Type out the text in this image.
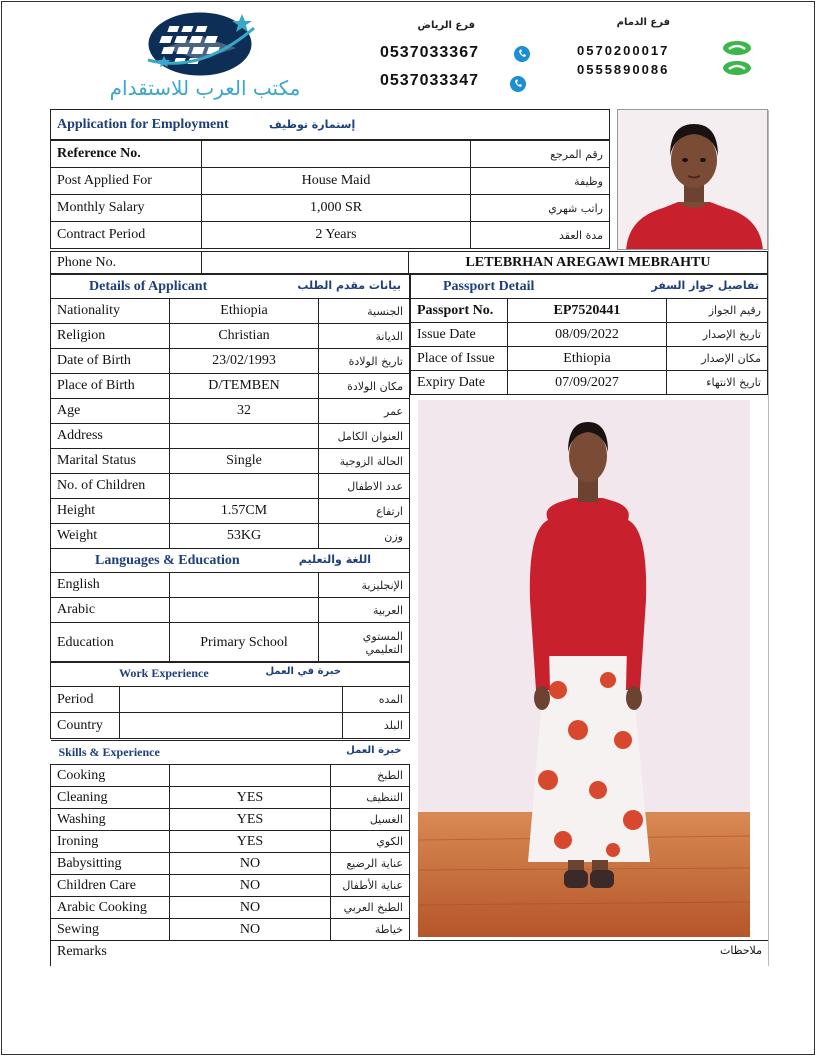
مكتب العرب للاستقدام
فرع الرياض
0537033367
0537033347
فرع الدمام
0570200017
0555890086
Application for Employment	إستمارة توظيف
Reference No.		رقم المرجع
Post Applied For	House Maid	وظيفة
Monthly Salary	1,000 SR	راتب شهري
Contract Period	2 Years	مدة العقد
Phone No.		LETEBRHAN AREGAWI MEBRAHTU
Details of Applicant بيانات مقدم الطلب		

Nationality	Ethiopia	الجنسية
Religion	Christian	الديانة
Date of Birth	23/02/1993	تاريخ الولادة
Place of Birth	D/TEMBEN	مكان الولادة
Age	32	عمر
Address		العنوان الكامل
Marital Status	Single	الحالة الزوجية
No. of Children		عدد الاطفال
Height	1.57CM	ارتفاع
Weight	53KG	وزن
Languages & Education اللغة والتعليم		

English		الإنجليزية
Arabic		العربية
Education	Primary School	المستوي التعليمي
Work Experience خبرة في العمل		

Period		المده
Country		البلد
Skills & Experience خبرة العمل		

Cooking		الطبخ
Cleaning	YES	التنظيف
Washing	YES	الغسيل
Ironing	YES	الكوي
Babysitting	NO	عناية الرضيع
Children Care	NO	عناية الأطفال
Arabic Cooking	NO	الطبخ العربي
Sewing	NO	خياطة
Passport Detail تفاصيل جواز السفر		

Passport No.	EP7520441	رقيم الجواز
Issue Date	08/09/2022	تاريخ الإصدار
Place of Issue	Ethiopia	مكان الإصدار
Expiry Date	07/09/2027	تاريخ الانتهاء
Remarks	ملاحظات
